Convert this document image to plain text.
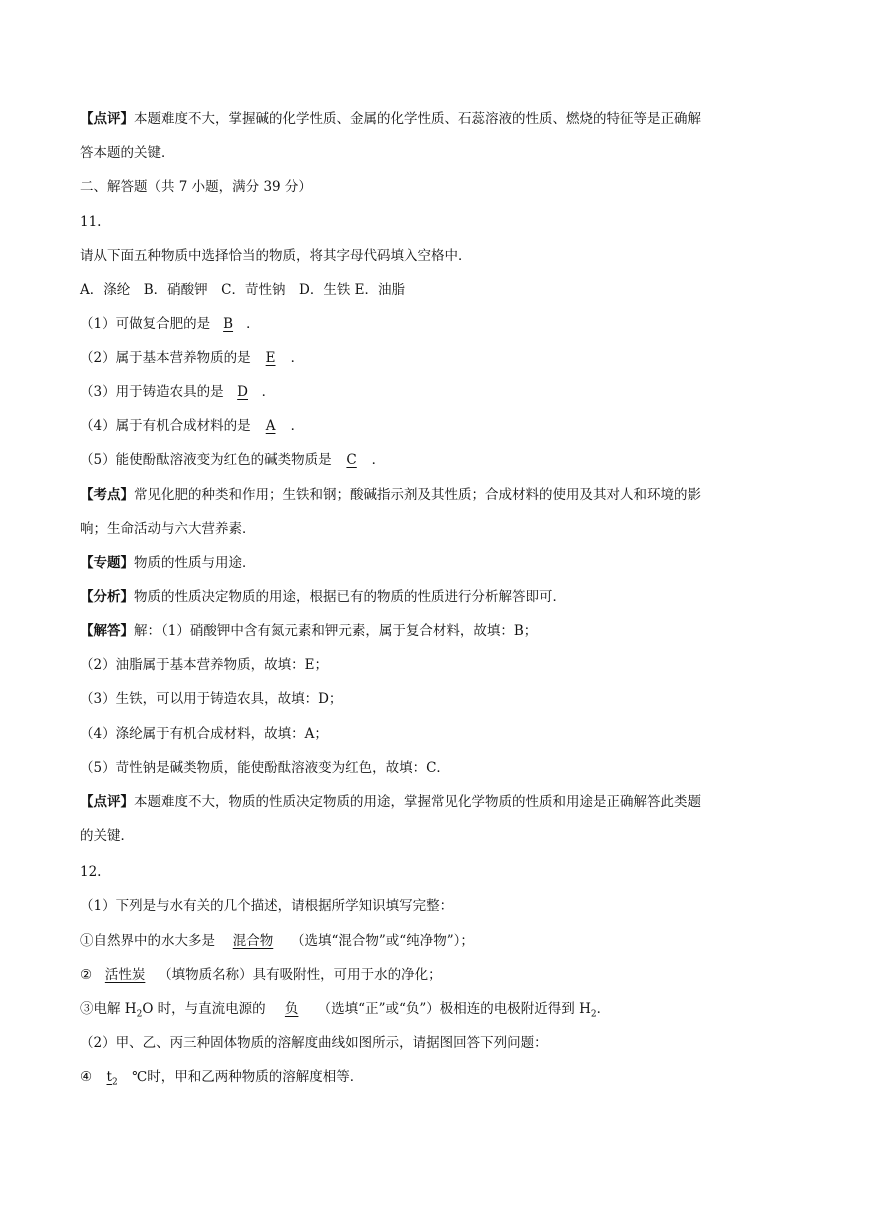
【点评】本题难度不大，掌握碱的化学性质、金属的化学性质、石蕊溶液的性质、燃烧的特征等是正确解
答本题的关键．
二、解答题（共 7 小题，满分 39 分）
11.
请从下面五种物质中选择恰当的物质，将其字母代码填入空格中．
A．涤纶　B．硝酸钾　C．苛性钠　D．生铁 E．油脂
（1）可做复合肥的是 B ．
（2）属于基本营养物质的是 E ．
（3）用于铸造农具的是 D ．
（4）属于有机合成材料的是 A ．
（5）能使酚酞溶液变为红色的碱类物质是 C ．
【考点】常见化肥的种类和作用；生铁和钢；酸碱指示剂及其性质；合成材料的使用及其对人和环境的影
响；生命活动与六大营养素．
【专题】物质的性质与用途．
【分析】物质的性质决定物质的用途，根据已有的物质的性质进行分析解答即可．
【解答】解：（1）硝酸钾中含有氮元素和钾元素，属于复合材料，故填：B；
（2）油脂属于基本营养物质，故填：E；
（3）生铁，可以用于铸造农具，故填：D；
（4）涤纶属于有机合成材料，故填：A；
（5）苛性钠是碱类物质，能使酚酞溶液变为红色，故填：C．
【点评】本题难度不大，物质的性质决定物质的用途，掌握常见化学物质的性质和用途是正确解答此类题
的关键．
12.
（1）下列是与水有关的几个描述，请根据所学知识填写完整：
①自然界中的水大多是 混合物 （选填“混合物”或“纯净物”）；
② 活性炭 （填物质名称）具有吸附性，可用于水的净化；
③电解 $H_2O$ 时，与直流电源的 负 （选填“正”或“负”）极相连的电极附近得到 $H_2$．
（2）甲、乙、丙三种固体物质的溶解度曲线如图所示，请据图回答下列问题：
④ $t_2$ ℃时，甲和乙两种物质的溶解度相等．
